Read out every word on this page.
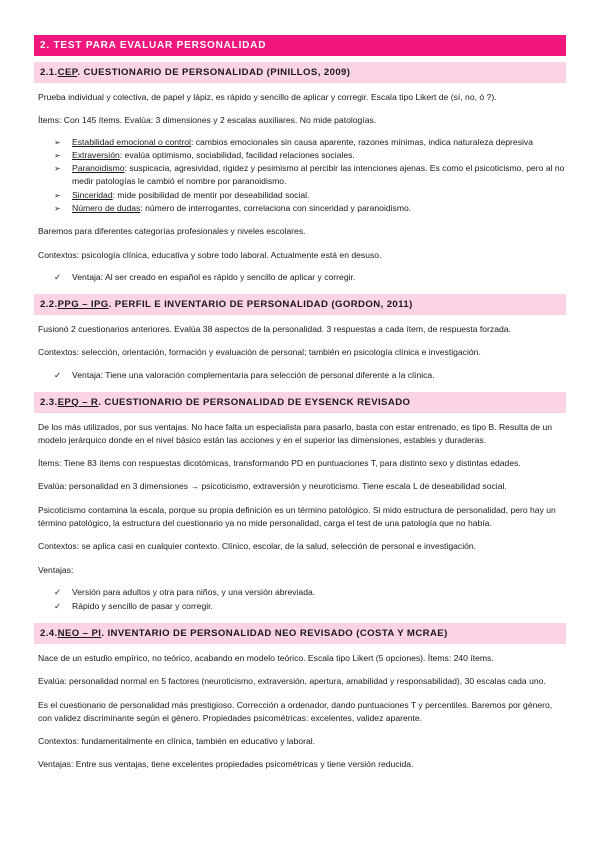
2. TEST PARA EVALUAR PERSONALIDAD
2.1.CEP. CUESTIONARIO DE PERSONALIDAD (PINILLOS, 2009)

Prueba individual y colectiva, de papel y lápiz, es rápido y sencillo de aplicar y corregir. Escala tipo Likert de (sí, no, ó ?).

Ítems: Con 145 ítems. Evalúa: 3 dimensiones y 2 escalas auxiliares. No mide patologías.

➢ Estabilidad emocional o control: cambios emocionales sin causa aparente, razones mínimas, indica naturaleza depresiva
➢ Extraversión: evalúa optimismo, sociabilidad, facilidad relaciones sociales.
➢ Paranoidismo: suspicacia, agresividad, rigidez y pesimismo al percibir las intenciones ajenas. Es como el psicoticismo, pero al no medir patologías le cambió el nombre por paranoidismo.
➢ Sinceridad: mide posibilidad de mentir por deseabilidad social.
➢ Número de dudas: número de interrogantes, correlaciona con sinceridad y paranoidismo.

Baremos para diferentes categorías profesionales y niveles escolares.

Contextos: psicología clínica, educativa y sobre todo laboral. Actualmente está en desuso.

✓ Ventaja: Al ser creado en español es rápido y sencillo de aplicar y corregir.
2.2.PPG – IPG. PERFIL E INVENTARIO DE PERSONALIDAD (GORDON, 2011)

Fusionó 2 cuestionarios anteriores. Evalúa 38 aspectos de la personalidad. 3 respuestas a cada ítem, de respuesta forzada.

Contextos: selección, orientación, formación y evaluación de personal; también en psicología clínica e investigación.

✓ Ventaja: Tiene una valoración complementaria para selección de personal diferente a la clínica.
2.3.EPQ – R. CUESTIONARIO DE PERSONALIDAD DE EYSENCK REVISADO

De los más utilizados, por sus ventajas. No hace falta un especialista para pasarlo, basta con estar entrenado, es tipo B. Resulta de un modelo jerárquico donde en el nivel básico están las acciones y en el superior las dimensiones, estables y duraderas.

Ítems: Tiene 83 ítems con respuestas dicotómicas, transformando PD en puntuaciones T, para distinto sexo y distintas edades.

Evalúa: personalidad en 3 dimensiones → psicoticismo, extraversión y neuroticismo. Tiene escala L de deseabilidad social.

Psicoticismo contamina la escala, porque su propia definición es un término patológico. Si mido estructura de personalidad, pero hay un término patológico, la estructura del cuestionario ya no mide personalidad, carga el test de una patología que no había.

Contextos: se aplica casi en cualquier contexto. Clínico, escolar, de la salud, selección de personal e investigación.

Ventajas:

✓ Versión para adultos y otra para niños, y una versión abreviada.
✓ Rápido y sencillo de pasar y corregir.
2.4.NEO – PI. INVENTARIO DE PERSONALIDAD NEO REVISADO (COSTA Y MCRAE)

Nace de un estudio empírico, no teórico, acabando en modelo teórico. Escala tipo Likert (5 opciones). Ítems: 240 ítems.

Evalúa: personalidad normal en 5 factores (neuroticismo, extraversión, apertura, amabilidad y responsabilidad), 30 escalas cada uno.

Es el cuestionario de personalidad más prestigioso. Corrección a ordenador, dando puntuaciones T y percentiles. Baremos por género, con validez discriminante según el género. Propiedades psicométricas: excelentes, validez aparente.

Contextos: fundamentalmente en clínica, también en educativo y laboral.

Ventajas: Entre sus ventajas, tiene excelentes propiedades psicométricas y tiene versión reducida.
